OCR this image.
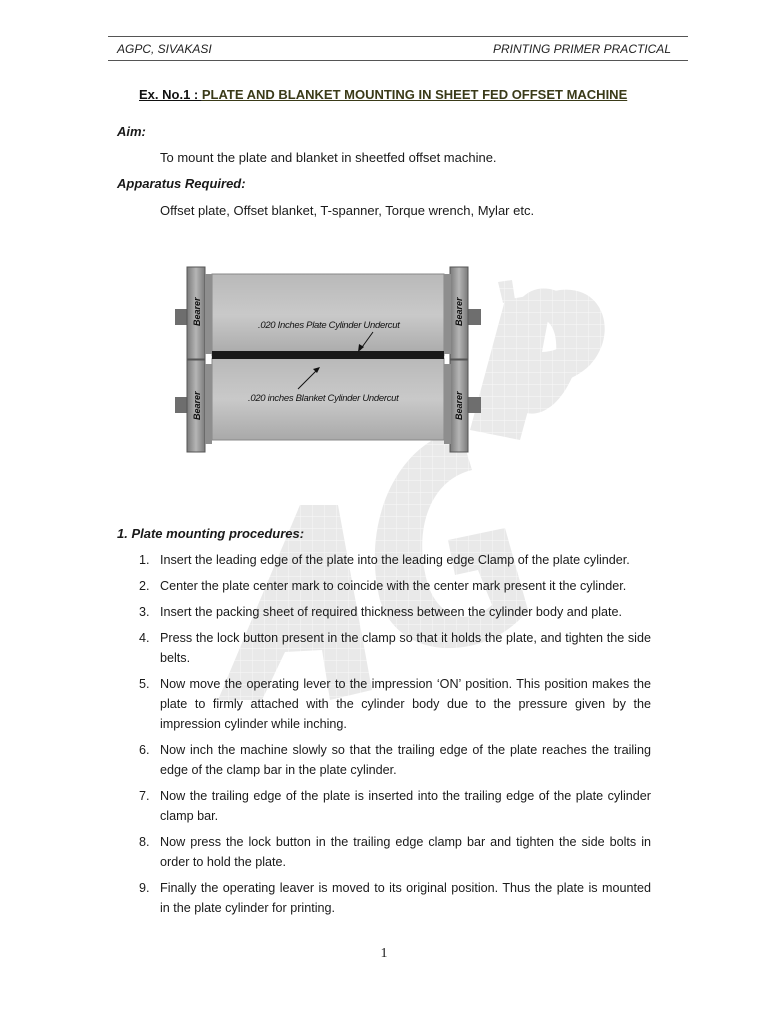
AGPC, SIVAKASI	PRINTING PRIMER PRACTICAL
Ex. No.1 : PLATE AND BLANKET MOUNTING IN SHEET FED OFFSET MACHINE
Aim:
To mount the plate and blanket in sheetfed offset machine.
Apparatus Required:
Offset plate, Offset blanket, T-spanner, Torque wrench, Mylar etc.
Bearer
Bearer
Bearer
Bearer
.020 Inches Plate Cylinder Undercut
.020 inches Blanket Cylinder Undercut
1. Plate mounting procedures:
1. Insert the leading edge of the plate into the leading edge Clamp of the plate cylinder.
2. Center the plate center mark to coincide with the center mark present it the cylinder.
3. Insert the packing sheet of required thickness between the cylinder body and plate.
4. Press the lock button present in the clamp so that it holds the plate, and tighten the side belts.
5. Now move the operating lever to the impression ‘ON’ position. This position makes the plate to firmly attached with the cylinder body due to the pressure given by the impression cylinder while inching.
6. Now inch the machine slowly so that the trailing edge of the plate reaches the trailing edge of the clamp bar in the plate cylinder.
7. Now the trailing edge of the plate is inserted into the trailing edge of the plate cylinder clamp bar.
8. Now press the lock button in the trailing edge clamp bar and tighten the side bolts in order to hold the plate.
9. Finally the operating leaver is moved to its original position. Thus the plate is mounted in the plate cylinder for printing.
1
